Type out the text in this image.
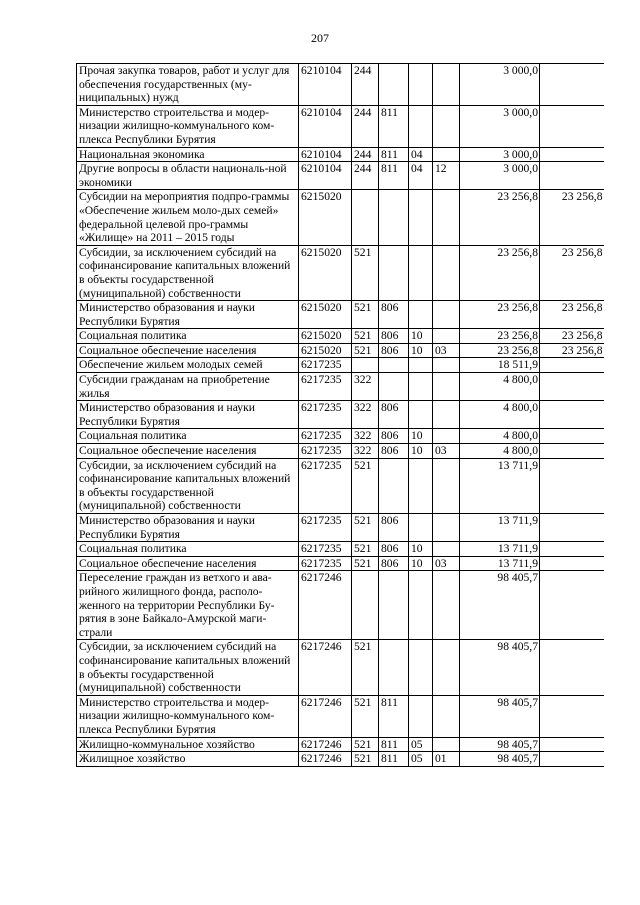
207
Прочая закупка товаров, работ и услуг для обеспечения государственных (му-ниципальных) нужд	6210104	244				3 000,0	
Министерство строительства и модер-низации жилищно-коммунального ком-плекса Республики Бурятия	6210104	244	811			3 000,0	
Национальная экономика	6210104	244	811	04		3 000,0	
Другие вопросы в области националь-ной экономики	6210104	244	811	04	12	3 000,0	
Субсидии на мероприятия подпро-граммы «Обеспечение жильем моло-дых семей» федеральной целевой про-граммы «Жилище» на 2011 – 2015 годы	6215020					23 256,8	23 256,8
Субсидии, за исключением субсидий на софинансирование капитальных вложений в объекты государственной (муниципальной) собственности	6215020	521				23 256,8	23 256,8
Министерство образования и науки Республики Бурятия	6215020	521	806			23 256,8	23 256,8
Социальная политика	6215020	521	806	10		23 256,8	23 256,8
Социальное обеспечение населения	6215020	521	806	10	03	23 256,8	23 256,8
Обеспечение жильем молодых семей	6217235					18 511,9	
Субсидии гражданам на приобретение жилья	6217235	322				4 800,0	
Министерство образования и науки Республики Бурятия	6217235	322	806			4 800,0	
Социальная политика	6217235	322	806	10		4 800,0	
Социальное обеспечение населения	6217235	322	806	10	03	4 800,0	
Субсидии, за исключением субсидий на софинансирование капитальных вложений в объекты государственной (муниципальной) собственности	6217235	521				13 711,9	
Министерство образования и науки Республики Бурятия	6217235	521	806			13 711,9	
Социальная политика	6217235	521	806	10		13 711,9	
Социальное обеспечение населения	6217235	521	806	10	03	13 711,9	
Переселение граждан из ветхого и ава-рийного жилищного фонда, располо-женного на территории Республики Бу-рятия в зоне Байкало-Амурской маги-страли	6217246					98 405,7	
Субсидии, за исключением субсидий на софинансирование капитальных вложений в объекты государственной (муниципальной) собственности	6217246	521				98 405,7	
Министерство строительства и модер-низации жилищно-коммунального ком-плекса Республики Бурятия	6217246	521	811			98 405,7	
Жилищно-коммунальное хозяйство	6217246	521	811	05		98 405,7	
Жилищное хозяйство	6217246	521	811	05	01	98 405,7	
